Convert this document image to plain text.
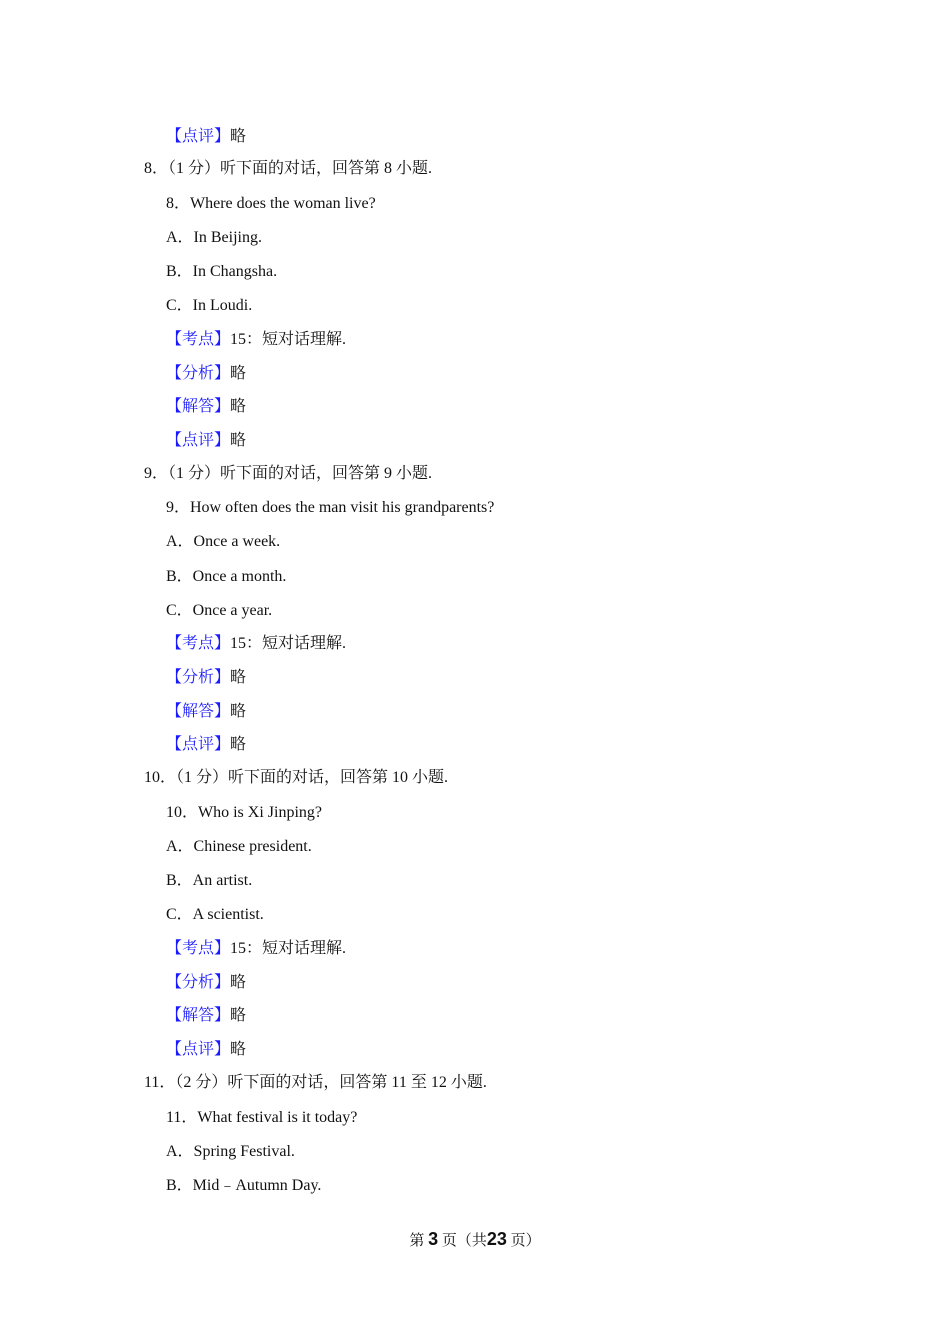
【点评】略
8．（1 分）听下面的对话，回答第 8 小题.
8．Where does the woman live?
A．In Beijing.
B．In Changsha.
C．In Loudi.
【考点】15：短对话理解.
【分析】略
【解答】略
【点评】略
9．（1 分）听下面的对话，回答第 9 小题.
9．How often does the man visit his grandparents?
A．Once a week.
B．Once a month.
C．Once a year.
【考点】15：短对话理解.
【分析】略
【解答】略
【点评】略
10．（1 分）听下面的对话，回答第 10 小题.
10．Who is Xi Jinping?
A．Chinese president.
B．An artist.
C．A scientist.
【考点】15：短对话理解.
【分析】略
【解答】略
【点评】略
11．（2 分）听下面的对话，回答第 11 至 12 小题.
11．What festival is it today?
A．Spring Festival.
B．Mid﹣Autumn Day.
第 3 页（共23 页）
